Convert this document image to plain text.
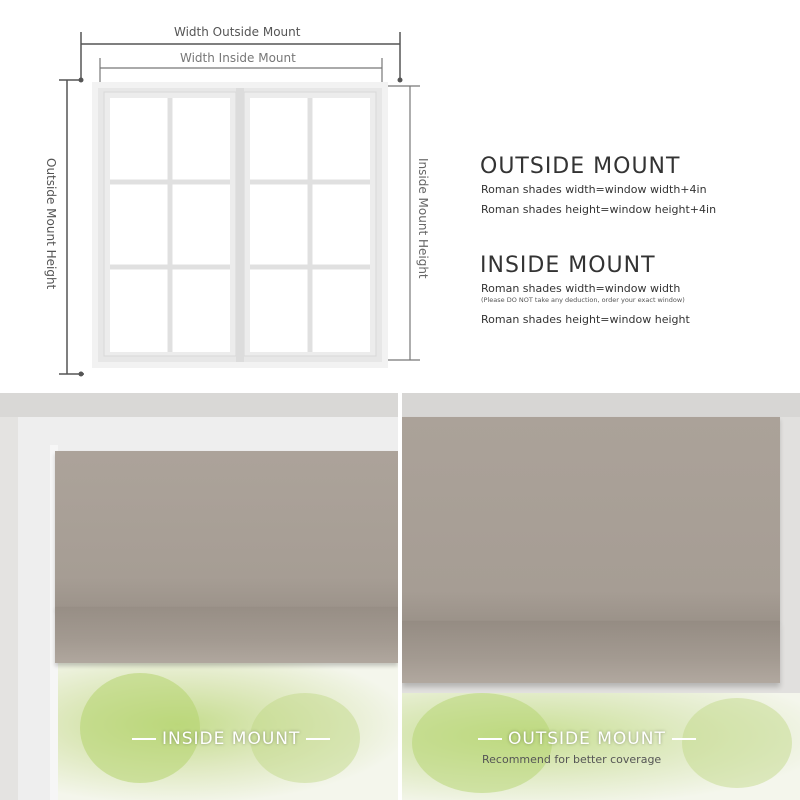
Width Outside Mount
Width Inside Mount
Outside Mount Height	Inside Mount Height OUTSIDE MOUNT
Roman shades width=window width+4in
Roman shades height=window height+4in
INSIDE MOUNT
Roman shades width=window width
(Please DO NOT take any deduction, order your exact window)
Roman shades height=window height
INSIDE MOUNT	OUTSIDE MOUNT
Recommend for better coverage
